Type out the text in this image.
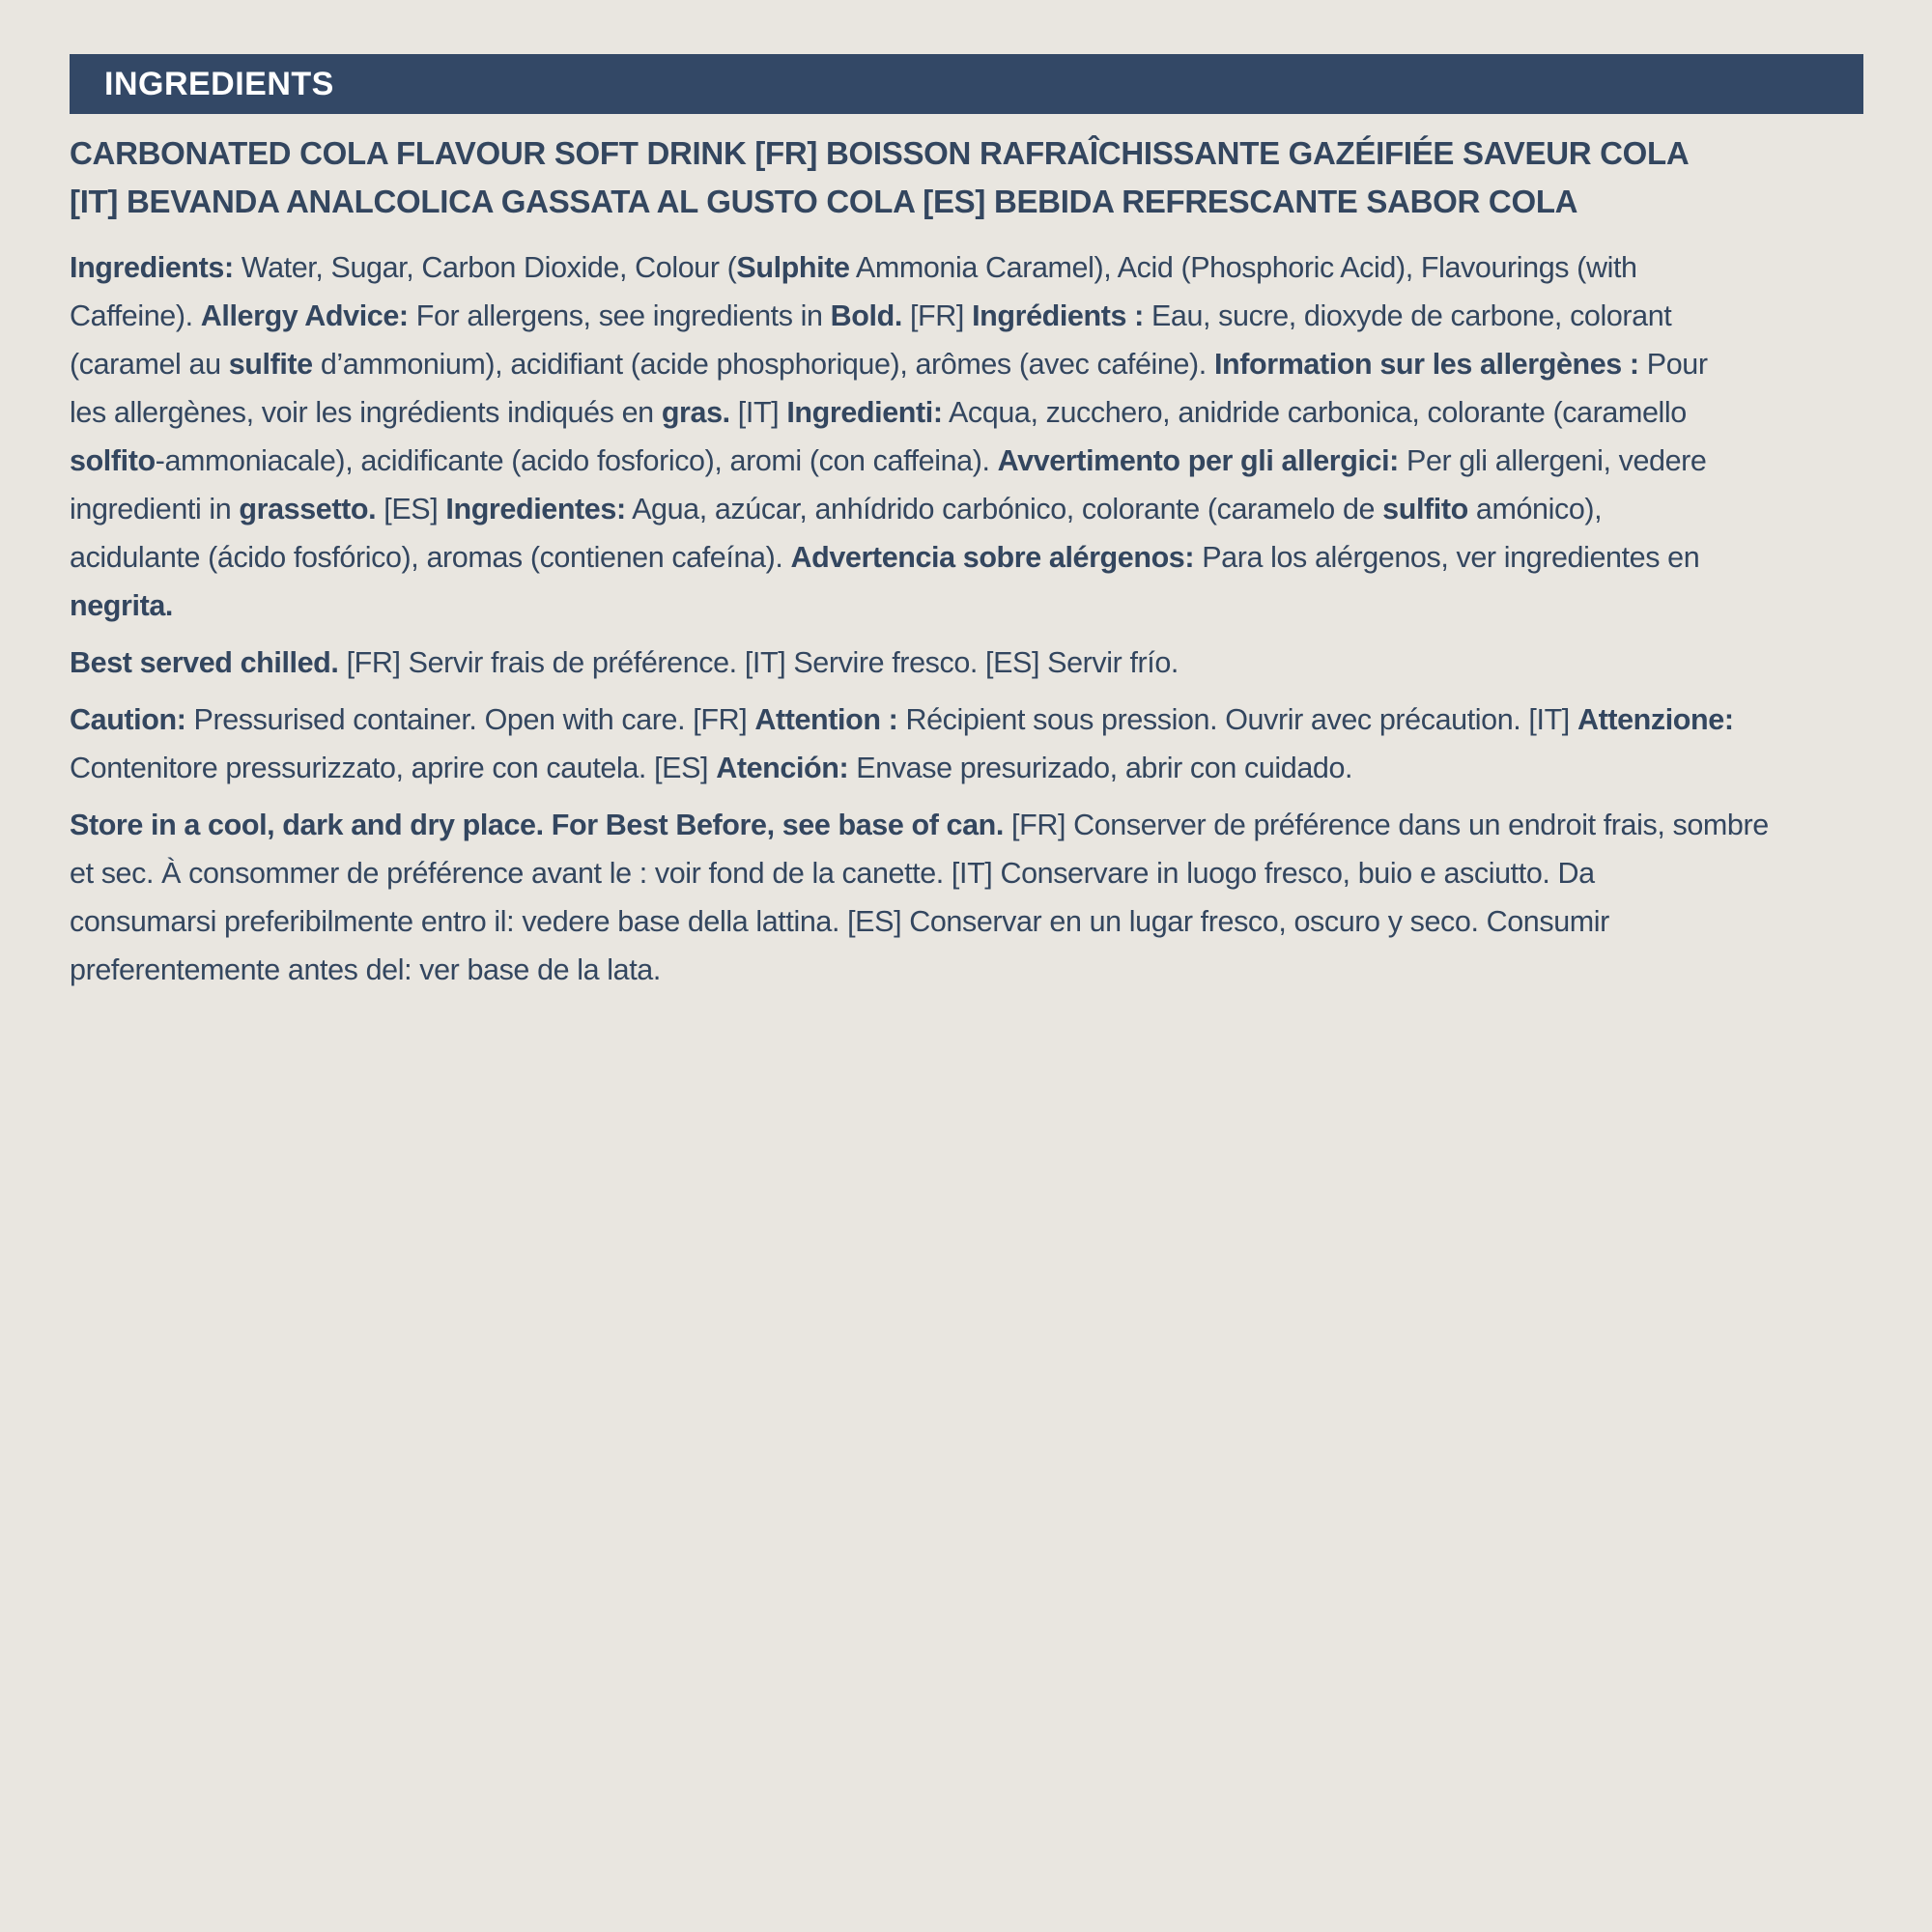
INGREDIENTS
CARBONATED COLA FLAVOUR SOFT DRINK [FR] BOISSON RAFRAÎCHISSANTE GAZÉIFIÉE SAVEUR COLA
[IT] BEVANDA ANALCOLICA GASSATA AL GUSTO COLA [ES] BEBIDA REFRESCANTE SABOR COLA

Ingredients: Water, Sugar, Carbon Dioxide, Colour (Sulphite Ammonia Caramel), Acid (Phosphoric Acid), Flavourings (with
Caffeine). Allergy Advice: For allergens, see ingredients in Bold. [FR] Ingrédients : Eau, sucre, dioxyde de carbone, colorant
(caramel au sulfite d’ammonium), acidifiant (acide phosphorique), arômes (avec caféine). Information sur les allergènes : Pour
les allergènes, voir les ingrédients indiqués en gras. [IT] Ingredienti: Acqua, zucchero, anidride carbonica, colorante (caramello
solfito-ammoniacale), acidificante (acido fosforico), aromi (con caffeina). Avvertimento per gli allergici: Per gli allergeni, vedere
ingredienti in grassetto. [ES] Ingredientes: Agua, azúcar, anhídrido carbónico, colorante (caramelo de sulfito amónico),
acidulante (ácido fosfórico), aromas (contienen cafeína). Advertencia sobre alérgenos: Para los alérgenos, ver ingredientes en
negrita.

Best served chilled. [FR] Servir frais de préférence. [IT] Servire fresco. [ES] Servir frío.

Caution: Pressurised container. Open with care. [FR] Attention : Récipient sous pression. Ouvrir avec précaution. [IT] Attenzione:
Contenitore pressurizzato, aprire con cautela. [ES] Atención: Envase presurizado, abrir con cuidado.

Store in a cool, dark and dry place. For Best Before, see base of can. [FR] Conserver de préférence dans un endroit frais, sombre
et sec. À consommer de préférence avant le : voir fond de la canette. [IT] Conservare in luogo fresco, buio e asciutto. Da
consumarsi preferibilmente entro il: vedere base della lattina. [ES] Conservar en un lugar fresco, oscuro y seco. Consumir
preferentemente antes del: ver base de la lata.
